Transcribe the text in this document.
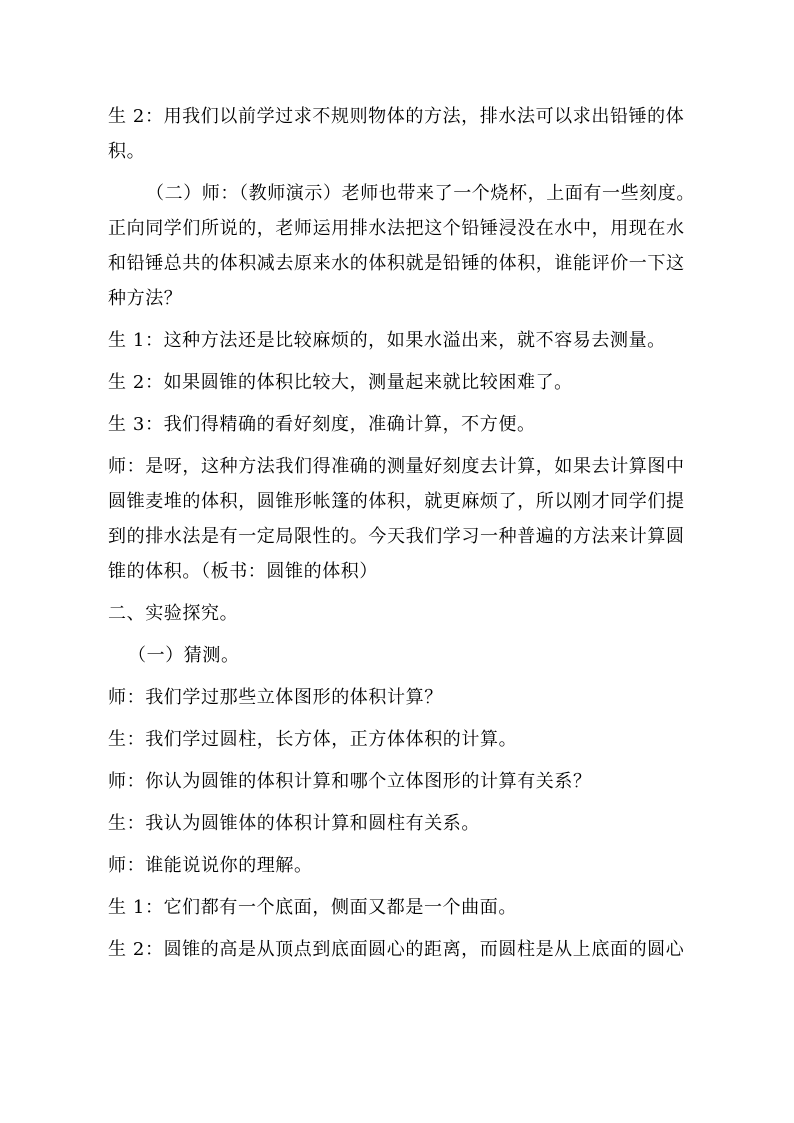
生 2：用我们以前学过求不规则物体的方法，排水法可以求出铅锤的体
积。
（二）师：（教师演示）老师也带来了一个烧杯，上面有一些刻度。
正向同学们所说的，老师运用排水法把这个铅锤浸没在水中，用现在水
和铅锤总共的体积减去原来水的体积就是铅锤的体积，谁能评价一下这
种方法？
生 1：这种方法还是比较麻烦的，如果水溢出来，就不容易去测量。
生 2：如果圆锥的体积比较大，测量起来就比较困难了。
生 3：我们得精确的看好刻度，准确计算，不方便。
师：是呀，这种方法我们得准确的测量好刻度去计算，如果去计算图中
圆锥麦堆的体积，圆锥形帐篷的体积，就更麻烦了，所以刚才同学们提
到的排水法是有一定局限性的。今天我们学习一种普遍的方法来计算圆
锥的体积。（板书：圆锥的体积）
二、实验探究。
（一）猜测。
师：我们学过那些立体图形的体积计算？
生：我们学过圆柱，长方体，正方体体积的计算。
师：你认为圆锥的体积计算和哪个立体图形的计算有关系？
生：我认为圆锥体的体积计算和圆柱有关系。
师：谁能说说你的理解。
生 1：它们都有一个底面，侧面又都是一个曲面。
生 2：圆锥的高是从顶点到底面圆心的距离，而圆柱是从上底面的圆心
